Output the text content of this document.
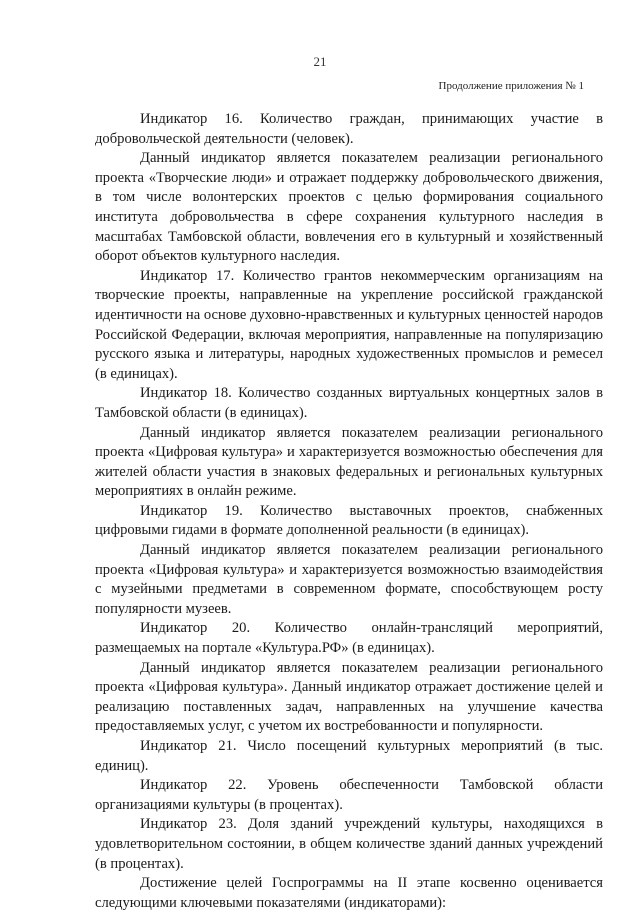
21
Продолжение приложения № 1

Индикатор 16. Количество граждан, принимающих участие в добровольческой деятельности (человек).

Данный индикатор является показателем реализации регионального проекта «Творческие люди» и отражает поддержку добровольческого движения, в том числе волонтерских проектов с целью формирования социального института добровольчества в сфере сохранения культурного наследия в масштабах Тамбовской области, вовлечения его в культурный и хозяйственный оборот объектов культурного наследия.

Индикатор 17. Количество грантов некоммерческим организациям на творческие проекты, направленные на укрепление российской гражданской идентичности на основе духовно-нравственных и культурных ценностей народов Российской Федерации, включая мероприятия, направленные на популяризацию русского языка и литературы, народных художественных промыслов и ремесел (в единицах).

Индикатор 18. Количество созданных виртуальных концертных залов в Тамбовской области (в единицах).

Данный индикатор является показателем реализации регионального проекта «Цифровая культура» и характеризуется возможностью обеспечения для жителей области участия в знаковых федеральных и региональных культурных мероприятиях в онлайн режиме.

Индикатор 19. Количество выставочных проектов, снабженных цифровыми гидами в формате дополненной реальности (в единицах).

Данный индикатор является показателем реализации регионального проекта «Цифровая культура» и характеризуется возможностью взаимодействия с музейными предметами в современном формате, способствующем росту популярности музеев.

Индикатор 20. Количество онлайн-трансляций мероприятий, размещаемых на портале «Культура.РФ» (в единицах).

Данный индикатор является показателем реализации регионального проекта «Цифровая культура». Данный индикатор отражает достижение целей и реализацию поставленных задач, направленных на улучшение качества предоставляемых услуг, с учетом их востребованности и популярности.

Индикатор 21. Число посещений культурных мероприятий (в тыс. единиц).

Индикатор 22. Уровень обеспеченности Тамбовской области организациями культуры (в процентах).

Индикатор 23. Доля зданий учреждений культуры, находящихся в удовлетворительном состоянии, в общем количестве зданий данных учреждений (в процентах).

Достижение целей Госпрограммы на II этапе косвенно оценивается следующими ключевыми показателями (индикаторами):
